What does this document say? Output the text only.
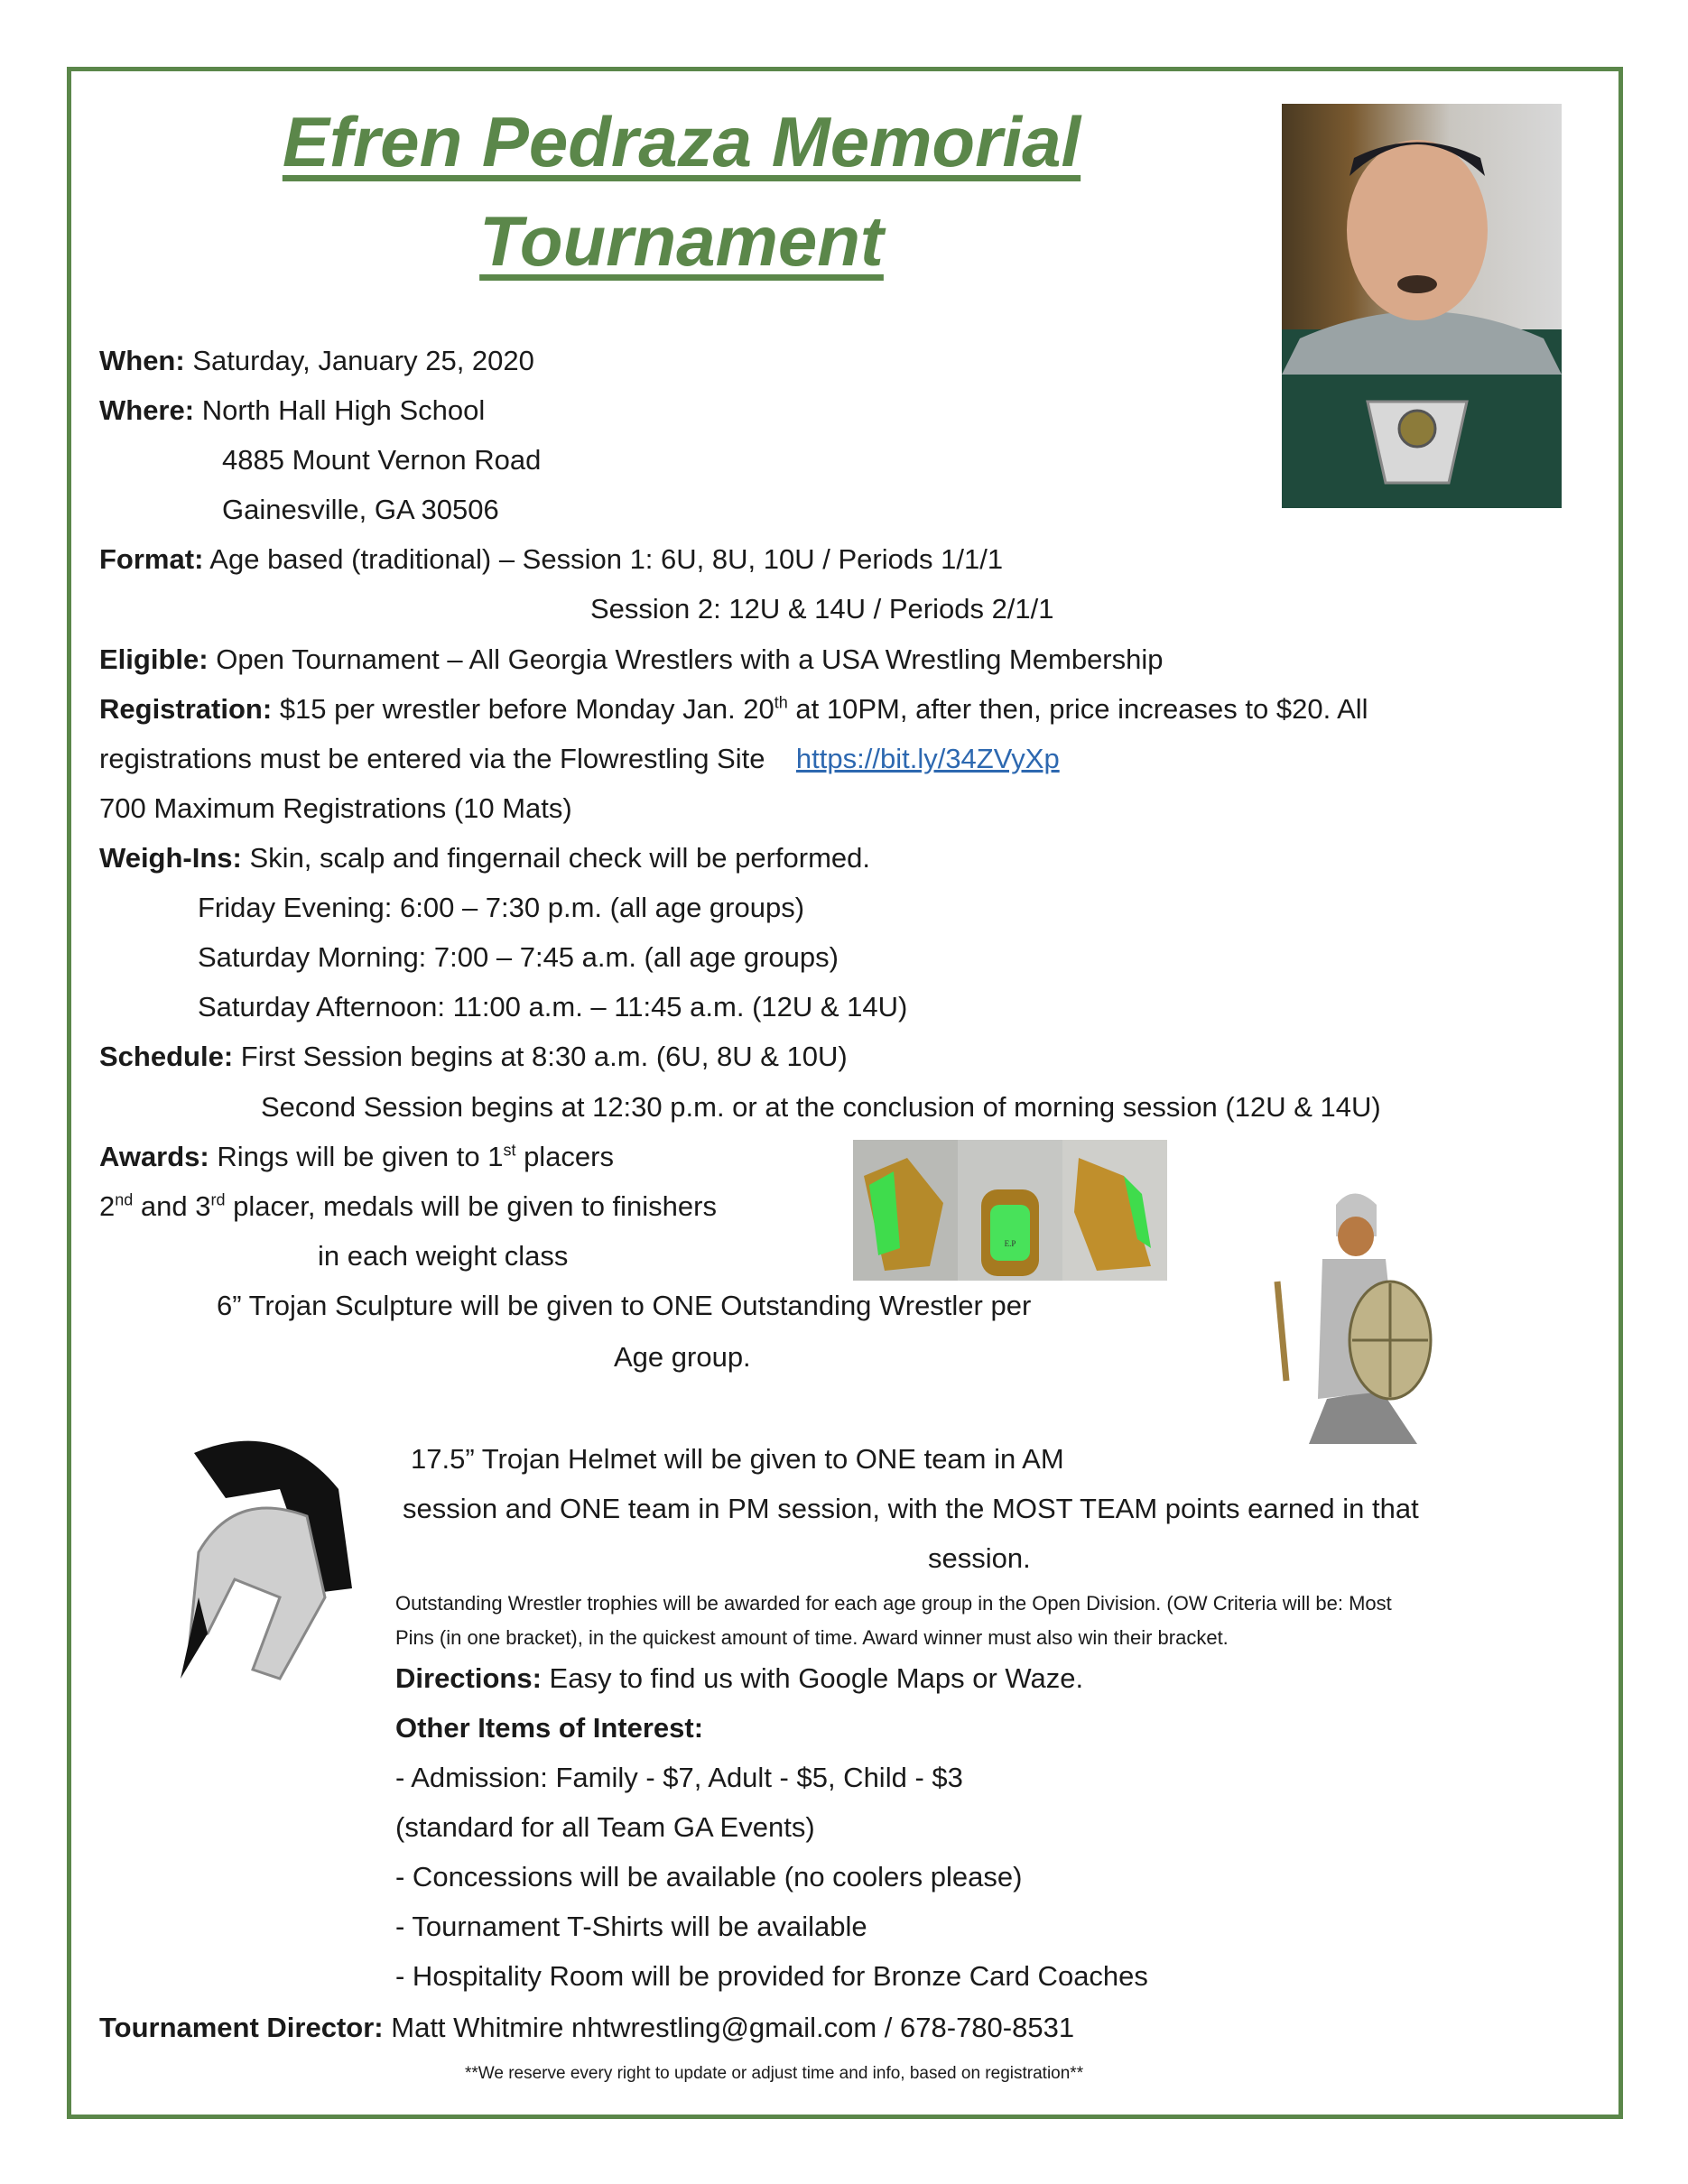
Efren Pedraza Memorial
Tournament
When: Saturday, January 25, 2020
Where: North Hall High School
4885 Mount Vernon Road
Gainesville, GA 30506
Format: Age based (traditional) – Session 1: 6U, 8U, 10U / Periods 1/1/1
Session 2: 12U & 14U / Periods 2/1/1
Eligible: Open Tournament – All Georgia Wrestlers with a USA Wrestling Membership
Registration: $15 per wrestler before Monday Jan. 20th at 10PM, after then, price increases to $20. All
registrations must be entered via the Flowrestling Site https://bit.ly/34ZVyXp
700 Maximum Registrations (10 Mats)
Weigh-Ins: Skin, scalp and fingernail check will be performed.
Friday Evening: 6:00 – 7:30 p.m. (all age groups)
Saturday Morning: 7:00 – 7:45 a.m. (all age groups)
Saturday Afternoon: 11:00 a.m. – 11:45 a.m. (12U & 14U)
Schedule: First Session begins at 8:30 a.m. (6U, 8U & 10U)
Second Session begins at 12:30 p.m. or at the conclusion of morning session (12U & 14U)
Awards: Rings will be given to 1st placers
2nd and 3rd placer, medals will be given to finishers
in each weight class
6” Trojan Sculpture will be given to ONE Outstanding Wrestler per
Age group.
E.P
17.5” Trojan Helmet will be given to ONE team in AM
session and ONE team in PM session, with the MOST TEAM points earned in that
session.
Outstanding Wrestler trophies will be awarded for each age group in the Open Division. (OW Criteria will be: Most
Pins (in one bracket), in the quickest amount of time. Award winner must also win their bracket.
Directions: Easy to find us with Google Maps or Waze.
Other Items of Interest:
- Admission: Family - $7, Adult - $5, Child - $3
(standard for all Team GA Events)
- Concessions will be available (no coolers please)
- Tournament T-Shirts will be available
- Hospitality Room will be provided for Bronze Card Coaches
Tournament Director: Matt Whitmire nhtwrestling@gmail.com / 678-780-8531
**We reserve every right to update or adjust time and info, based on registration**
